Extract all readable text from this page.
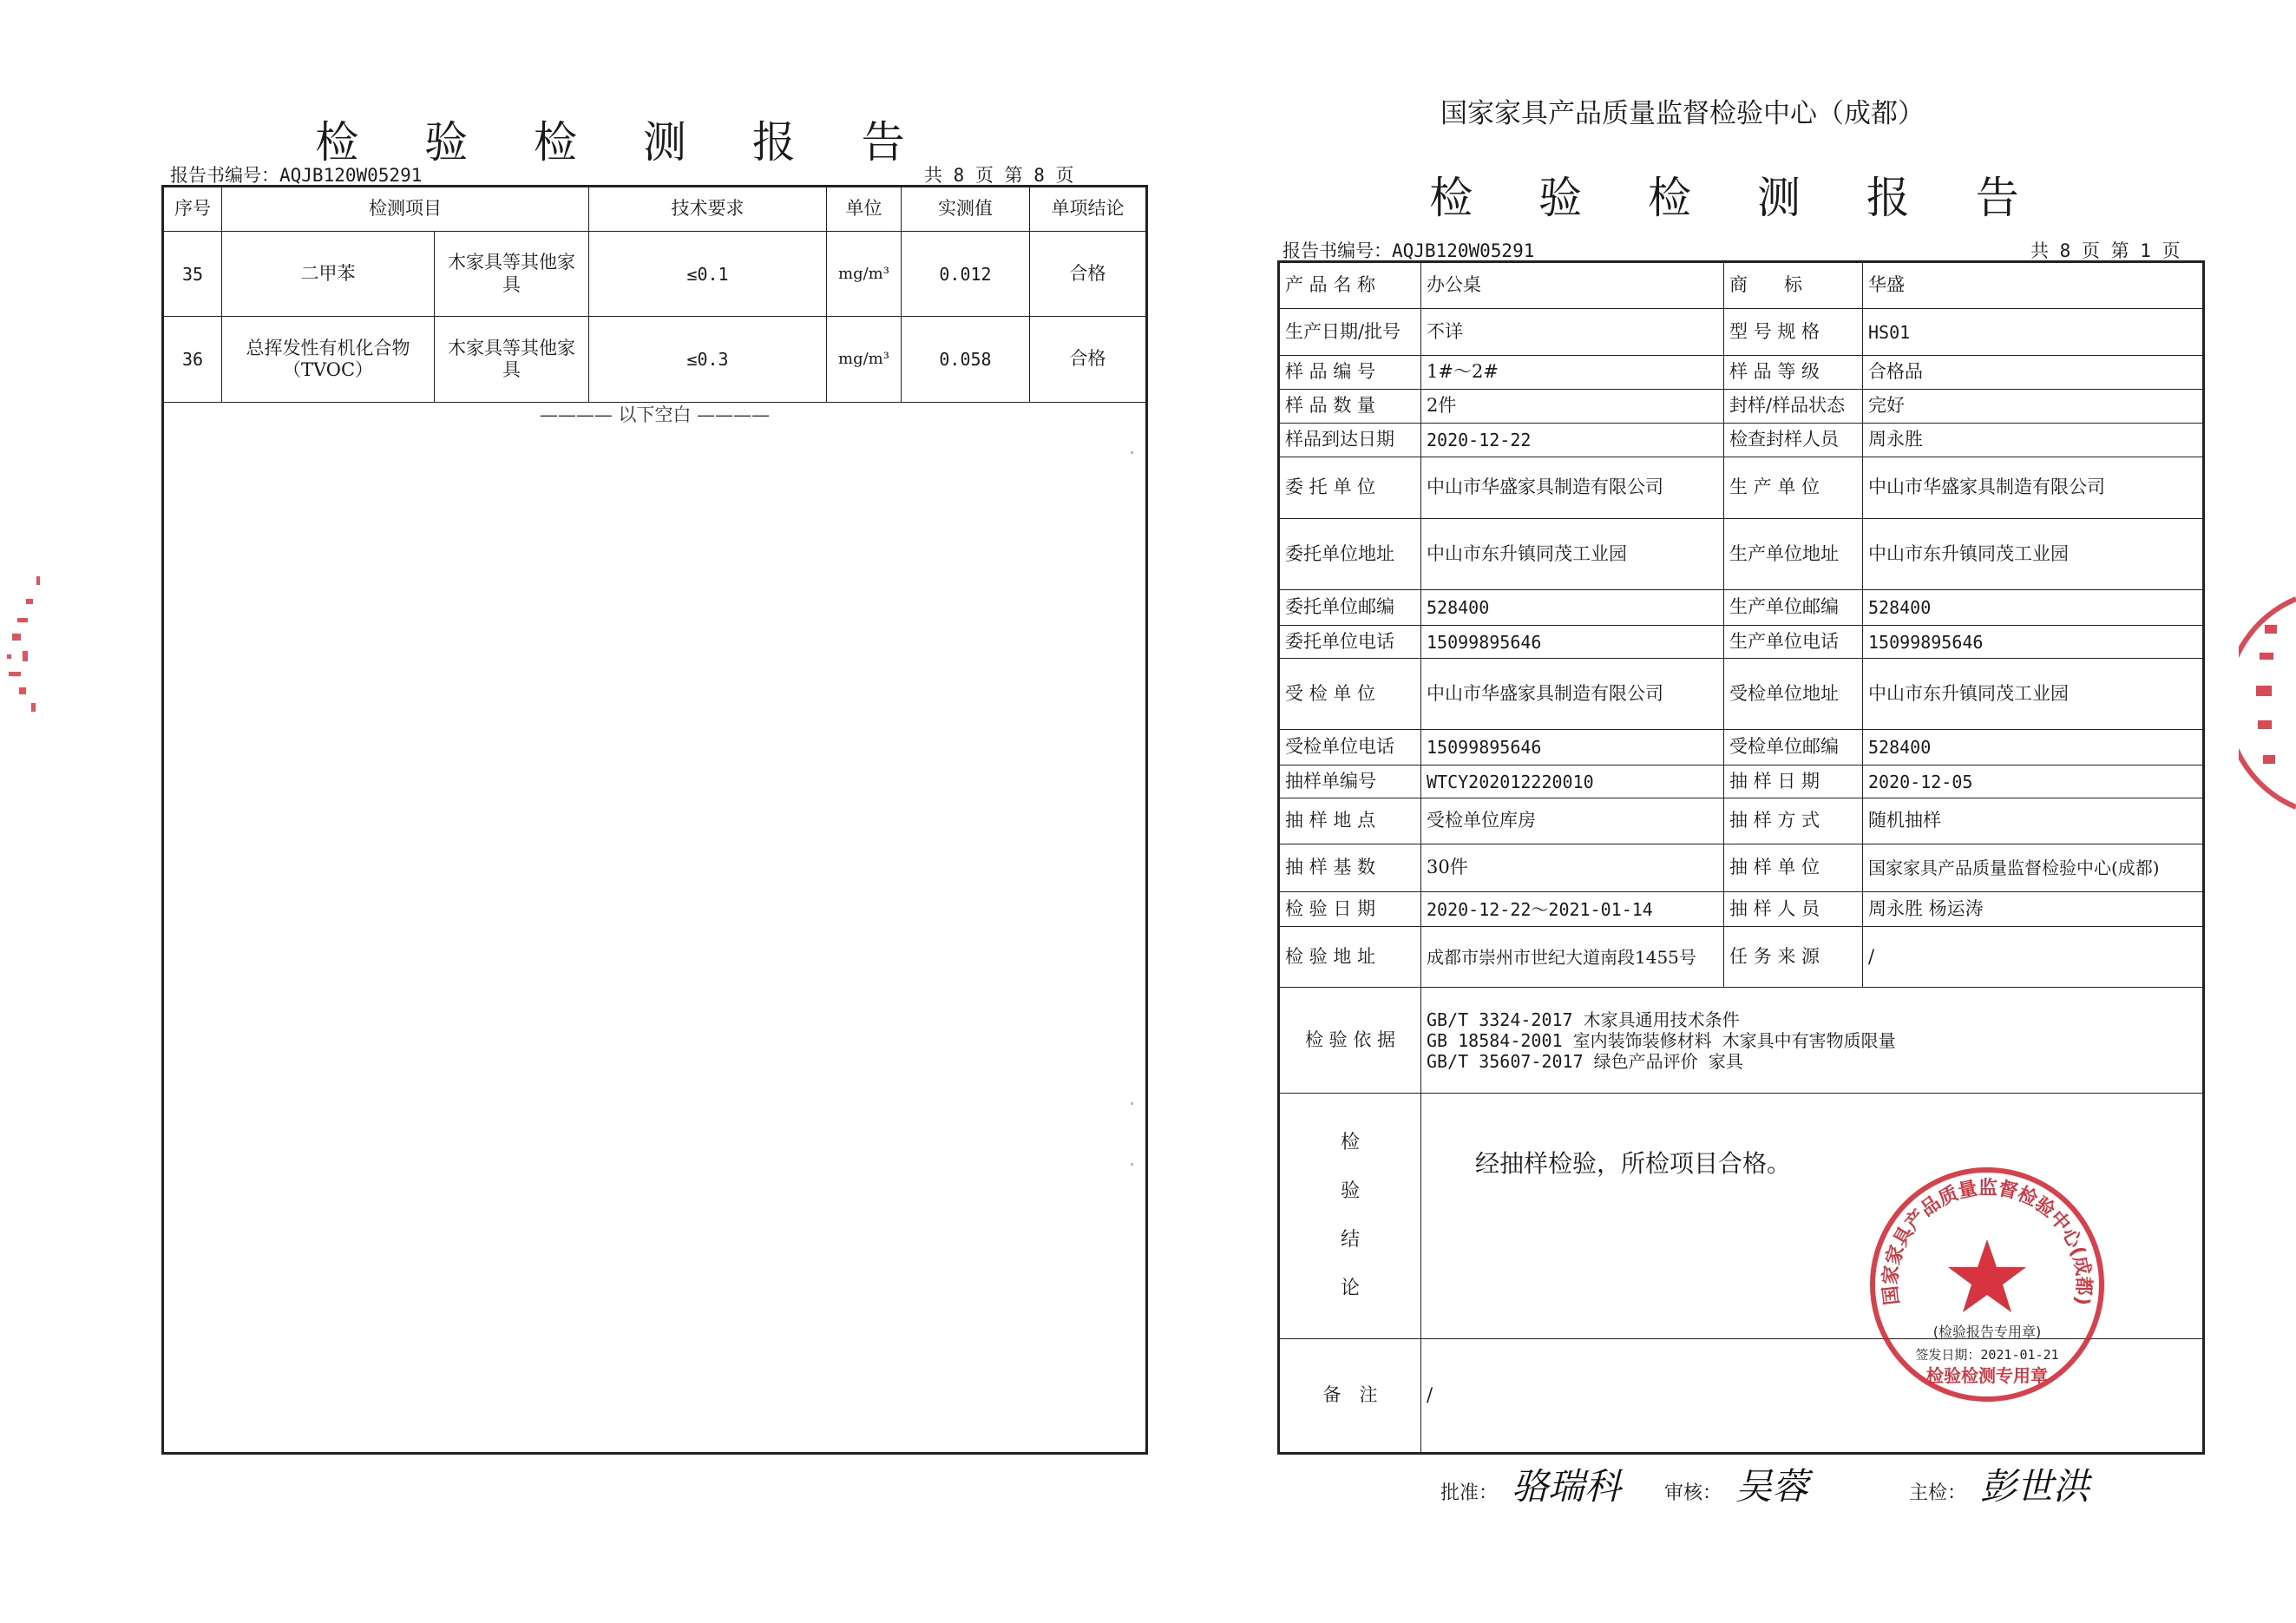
检 验 检 测 报 告
报告书编号：AQJB120W05291	共 8 页 第 8 页
序号	检测项目		技术要求	单位	实测值	单项结论
35	二甲苯	木家具等其他家具	≤0.1	mg/m³	0.012	合格
36	总挥发性有机化合物（TVOC）	木家具等其他家具	≤0.3	mg/m³	0.058	合格

———— 以下空白 ————						
国家家具产品质量监督检验中心（成都）
检 验 检 测 报 告
报告书编号：AQJB120W05291	共 8 页 第 1 页
产 品 名 称	办公桌	商　　标	华盛
生产日期/批号	不详	型 号 规 格	HS01
样 品 编 号	1#～2#	样 品 等 级	合格品
样 品 数 量	2件	封样/样品状态	完好
样品到达日期	2020-12-22	检查封样人员	周永胜
委 托 单 位	中山市华盛家具制造有限公司	生 产 单 位	中山市华盛家具制造有限公司
委托单位地址	中山市东升镇同茂工业园	生产单位地址	中山市东升镇同茂工业园
委托单位邮编	528400	生产单位邮编	528400
委托单位电话	15099895646	生产单位电话	15099895646
受 检 单 位	中山市华盛家具制造有限公司	受检单位地址	中山市东升镇同茂工业园
受检单位电话	15099895646	受检单位邮编	528400
抽样单编号	WTCY202012220010	抽 样 日 期	2020-12-05
抽 样 地 点	受检单位库房	抽 样 方 式	随机抽样
抽 样 基 数	30件	抽 样 单 位	国家家具产品质量监督检验中心(成都)
检 验 日 期	2020-12-22～2021-01-14	抽 样 人 员	周永胜 杨运涛
检 验 地 址	成都市崇州市世纪大道南段1455号	任 务 来 源	/
检 验 依 据	GB/T 3324-2017 木家具通用技术条件
GB 18584-2001 室内装饰装修材料 木家具中有害物质限量
GB/T 35607-2017 绿色产品评价 家具		

检
验
结
论	经抽样检验，所检项目合格。		

备　注	/		
国家家具产品质量监督检验中心(成都)
(检验报告专用章)
签发日期：2021-01-21
检验检测专用章
批准： 骆瑞科 审核： 吴蓉	主检： 彭世洪
